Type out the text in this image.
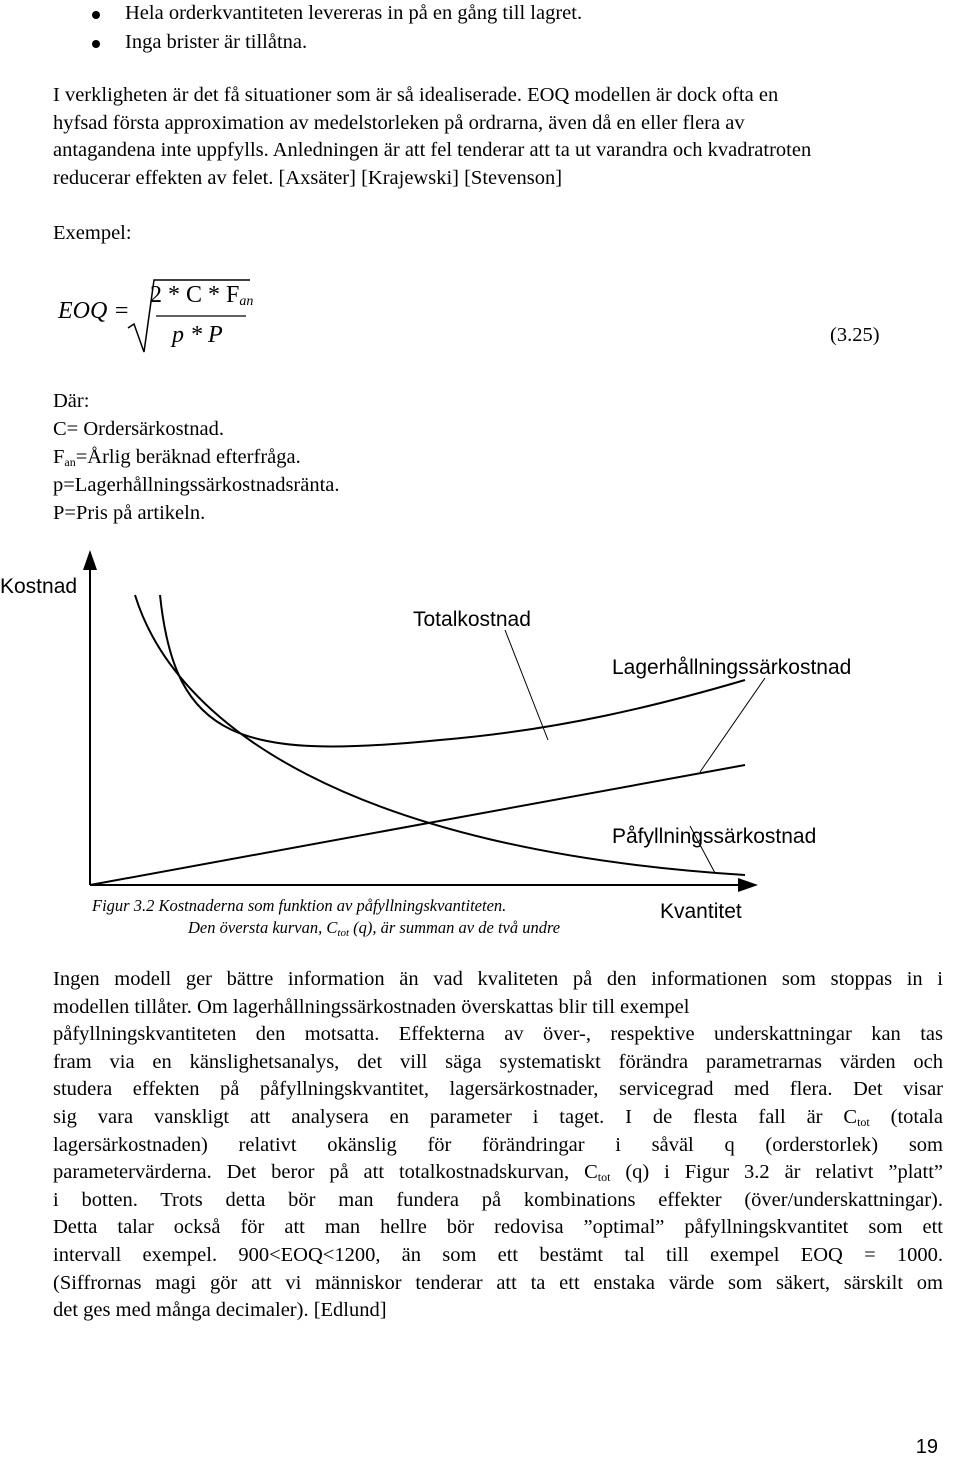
Hela orderkvantiteten levereras in på en gång till lagret.
Inga brister är tillåtna.
I verkligheten är det få situationer som är så idealiserade. EOQ modellen är dock ofta en
hyfsad första approximation av medelstorleken på ordrarna, även då en eller flera av
antagandena inte uppfylls. Anledningen är att fel tenderar att ta ut varandra och kvadratroten
reducerar effekten av felet. [Axsäter] [Krajewski] [Stevenson]
Exempel:
EOQ =
2 * C * $F_{an}$
p * P	(3.25)
Där:
C= Ordersärkostnad.
$F_{an}=Årlig$ beräknad efterfråga.
p=Lagerhållningssärkostnadsränta.
P=Pris på artikeln.
Kostnad
Kvantitet
Totalkostnad
Lagerhållningssärkostnad
Påfyllningssärkostnad
Figur 3.2 Kostnaderna som funktion av påfyllningskvantiteten.
Den översta kurvan, $C_{tot}$ (q), är summan av de två undre
Ingen modell ger bättre information än vad kvaliteten på den informationen som stoppas in i
modellen tillåter. Om lagerhållningssärkostnaden överskattas blir till exempel
påfyllningskvantiteten den motsatta. Effekterna av över-, respektive underskattningar kan tas
fram via en känslighetsanalys, det vill säga systematiskt förändra parametrarnas värden och
studera effekten på påfyllningskvantitet, lagersärkostnader, servicegrad med flera. Det visar
sig vara vanskligt att analysera en parameter i taget. I de flesta fall är $C_{tot}$ (totala
lagersärkostnaden) relativt okänslig för förändringar i såväl q (orderstorlek) som
parametervärderna. Det beror på att totalkostnadskurvan, $C_{tot}$ (q) i Figur 3.2 är relativt ”platt”
i botten. Trots detta bör man fundera på kombinations effekter (över/underskattningar).
Detta talar också för att man hellre bör redovisa ”optimal” påfyllningskvantitet som ett
intervall exempel. 900<EOQ<1200, än som ett bestämt tal till exempel EOQ = 1000.
(Siffrornas magi gör att vi människor tenderar att ta ett enstaka värde som säkert, särskilt om
det ges med många decimaler). [Edlund]
19
